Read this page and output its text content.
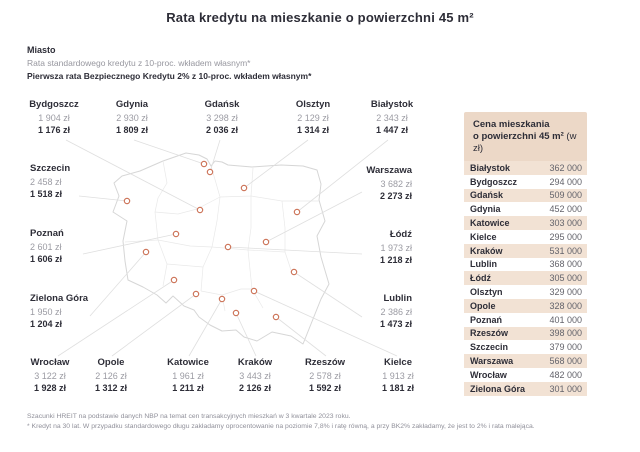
Rata kredytu na mieszkanie o powierzchni 45 m²
Miasto
Rata standardowego kredytu z 10-proc. wkładem własnym*
Pierwsza rata Bezpiecznego Kredytu 2% z 10-proc. wkładem własnym*
Bydgoszcz
1 904 zł
1 176 zł
Gdynia
2 930 zł
1 809 zł
Gdańsk
3 298 zł
2 036 zł
Olsztyn
2 129 zł
1 314 zł
Białystok
2 343 zł
1 447 zł
Szczecin
2 458 zł
1 518 zł
Warszawa
3 682 zł
2 273 zł
Poznań
2 601 zł
1 606 zł
Łódź
1 973 zł
1 218 zł
Zielona Góra
1 950 zł
1 204 zł
Lublin
2 386 zł
1 473 zł
Wrocław
3 122 zł
1 928 zł
Opole
2 126 zł
1 312 zł
Katowice
1 961 zł
1 211 zł
Kraków
3 443 zł
2 126 zł
Rzeszów
2 578 zł
1 592 zł
Kielce
1 913 zł
1 181 zł
Cena mieszkania
o powierzchni 45 m² (w zł)
Białystok	362 000
Bydgoszcz	294 000
Gdańsk	509 000
Gdynia	452 000
Katowice	303 000
Kielce	295 000
Kraków	531 000
Lublin	368 000
Łódź	305 000
Olsztyn	329 000
Opole	328 000
Poznań	401 000
Rzeszów	398 000
Szczecin	379 000
Warszawa	568 000
Wrocław	482 000
Zielona Góra	301 000
Szacunki HREIT na podstawie danych NBP na temat cen transakcyjnych mieszkań w 3 kwartale 2023 roku.
* Kredyt na 30 lat. W przypadku standardowego długu zakładamy oprocentowanie na poziomie 7,8% i ratę równą, a przy BK2% zakładamy, że jest to 2% i rata malejąca.
